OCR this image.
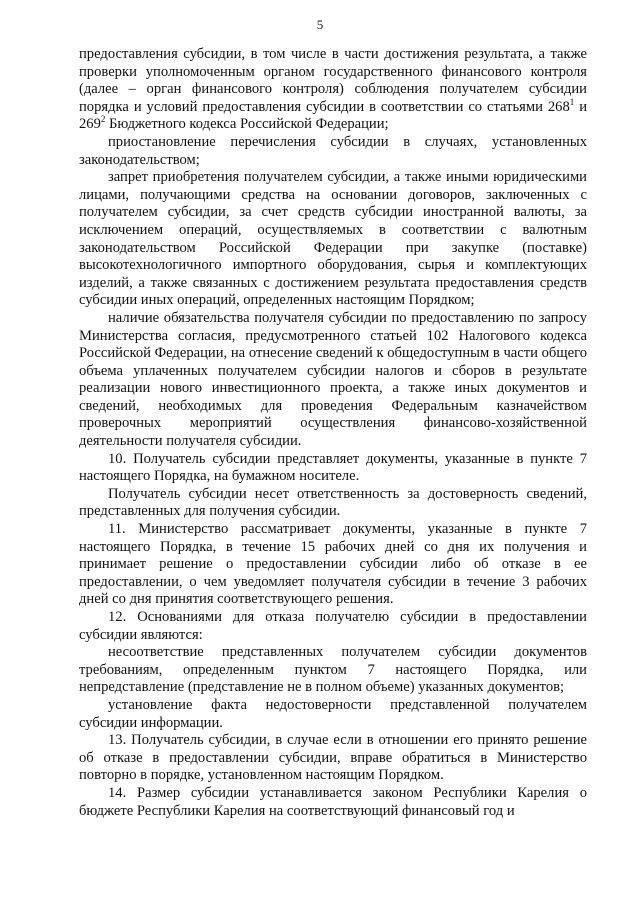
5

предоставления субсидии, в том числе в части достижения результата, а также проверки уполномоченным органом государственного финансового контроля (далее – орган финансового контроля) соблюдения получателем субсидии порядка и условий предоставления субсидии в соответствии со статьями $268^1$ и $269^2$ Бюджетного кодекса Российской Федерации;

приостановление перечисления субсидии в случаях, установленных законодательством;

запрет приобретения получателем субсидии, а также иными юридическими лицами, получающими средства на основании договоров, заключенных с получателем субсидии, за счет средств субсидии иностранной валюты, за исключением операций, осуществляемых в соответствии с валютным законодательством Российской Федерации при закупке (поставке) высокотехнологичного импортного оборудования, сырья и комплектующих изделий, а также связанных с достижением результата предоставления средств субсидии иных операций, определенных настоящим Порядком;

наличие обязательства получателя субсидии по предоставлению по запросу Министерства согласия, предусмотренного статьей 102 Налогового кодекса Российской Федерации, на отнесение сведений к общедоступным в части общего объема уплаченных получателем субсидии налогов и сборов в результате реализации нового инвестиционного проекта, а также иных документов и сведений, необходимых для проведения Федеральным казначейством проверочных мероприятий осуществления финансово-хозяйственной деятельности получателя субсидии.

10. Получатель субсидии представляет документы, указанные в пункте 7 настоящего Порядка, на бумажном носителе.

Получатель субсидии несет ответственность за достоверность сведений, представленных для получения субсидии.

11. Министерство рассматривает документы, указанные в пункте 7 настоящего Порядка, в течение 15 рабочих дней со дня их получения и принимает решение о предоставлении субсидии либо об отказе в ее предоставлении, о чем уведомляет получателя субсидии в течение 3 рабочих дней со дня принятия соответствующего решения.

12. Основаниями для отказа получателю субсидии в предоставлении субсидии являются:

несоответствие представленных получателем субсидии документов требованиям, определенным пунктом 7 настоящего Порядка, или непредставление (представление не в полном объеме) указанных документов;

установление факта недостоверности представленной получателем субсидии информации.

13. Получатель субсидии, в случае если в отношении его принято решение об отказе в предоставлении субсидии, вправе обратиться в Министерство повторно в порядке, установленном настоящим Порядком.

14. Размер субсидии устанавливается законом Республики Карелия о бюджете Республики Карелия на соответствующий финансовый год и
